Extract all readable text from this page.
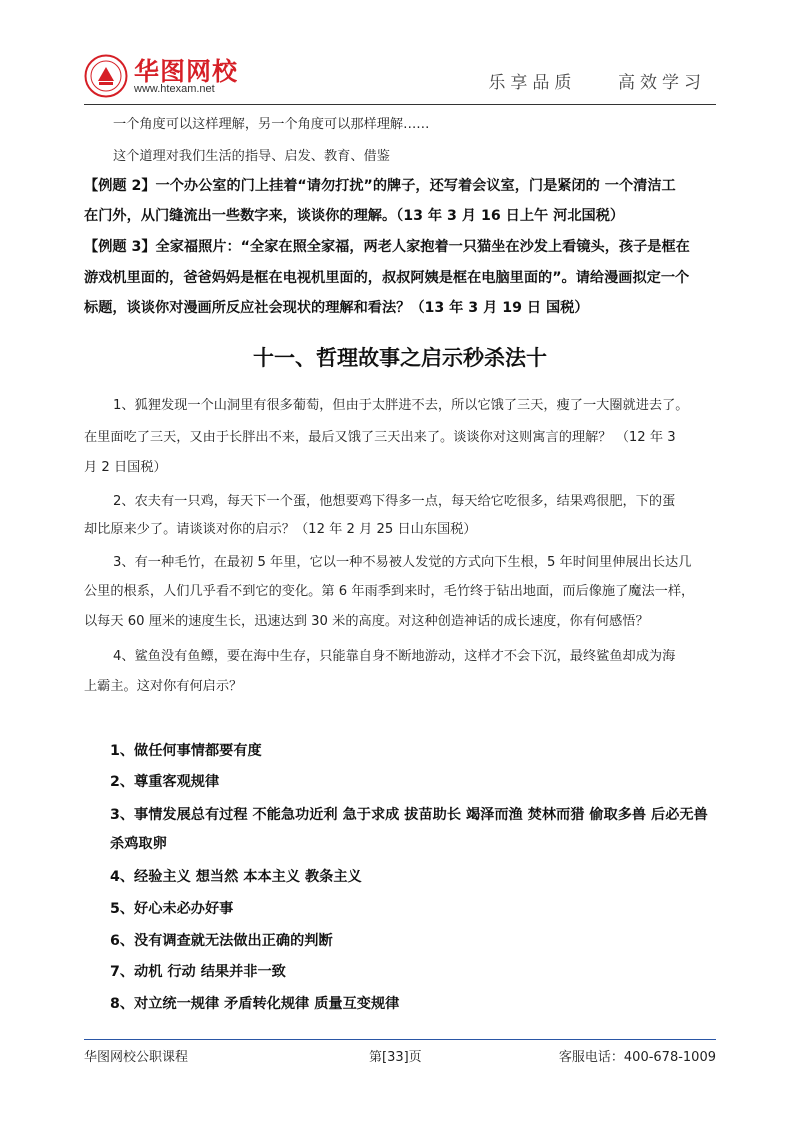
华图网校
www.htexam.net	乐享品质    高效学习
一个角度可以这样理解，另一个角度可以那样理解……
这个道理对我们生活的指导、启发、教育、借鉴
【例题 2】一个办公室的门上挂着“请勿打扰”的牌子，还写着会议室，门是紧闭的 一个清洁工
在门外，从门缝流出一些数字来，谈谈你的理解。（13 年 3 月 16 日上午 河北国税）
【例题 3】全家福照片：“全家在照全家福，两老人家抱着一只猫坐在沙发上看镜头，孩子是框在
游戏机里面的，爸爸妈妈是框在电视机里面的，叔叔阿姨是框在电脑里面的”。请给漫画拟定一个
标题，谈谈你对漫画所反应社会现状的理解和看法？（13 年 3 月 19 日 国税）
十一、哲理故事之启示秒杀法十
1、狐狸发现一个山洞里有很多葡萄，但由于太胖进不去，所以它饿了三天，瘦了一大圈就进去了。
在里面吃了三天，又由于长胖出不来，最后又饿了三天出来了。谈谈你对这则寓言的理解？ （12 年 3
月 2 日国税）
2、农夫有一只鸡，每天下一个蛋，他想要鸡下得多一点，每天给它吃很多，结果鸡很肥，下的蛋
却比原来少了。请谈谈对你的启示？（12 年 2 月 25 日山东国税）
3、有一种毛竹，在最初 5 年里，它以一种不易被人发觉的方式向下生根，5 年时间里伸展出长达几
公里的根系，人们几乎看不到它的变化。第 6 年雨季到来时，毛竹终于钻出地面，而后像施了魔法一样，
以每天 60 厘米的速度生长，迅速达到 30 米的高度。对这种创造神话的成长速度，你有何感悟？
4、鲨鱼没有鱼鳔，要在海中生存，只能靠自身不断地游动，这样才不会下沉，最终鲨鱼却成为海
上霸主。这对你有何启示？
1、做任何事情都要有度
2、尊重客观规律
3、事情发展总有过程 不能急功近利 急于求成 拔苗助长 竭泽而渔 焚林而猎 偷取多兽 后必无兽
杀鸡取卵
4、经验主义 想当然 本本主义 教条主义
5、好心未必办好事
6、没有调查就无法做出正确的判断
7、动机 行动 结果并非一致
8、对立统一规律 矛盾转化规律 质量互变规律
华图网校公职课程	第[33]页	客服电话：400-678-1009
